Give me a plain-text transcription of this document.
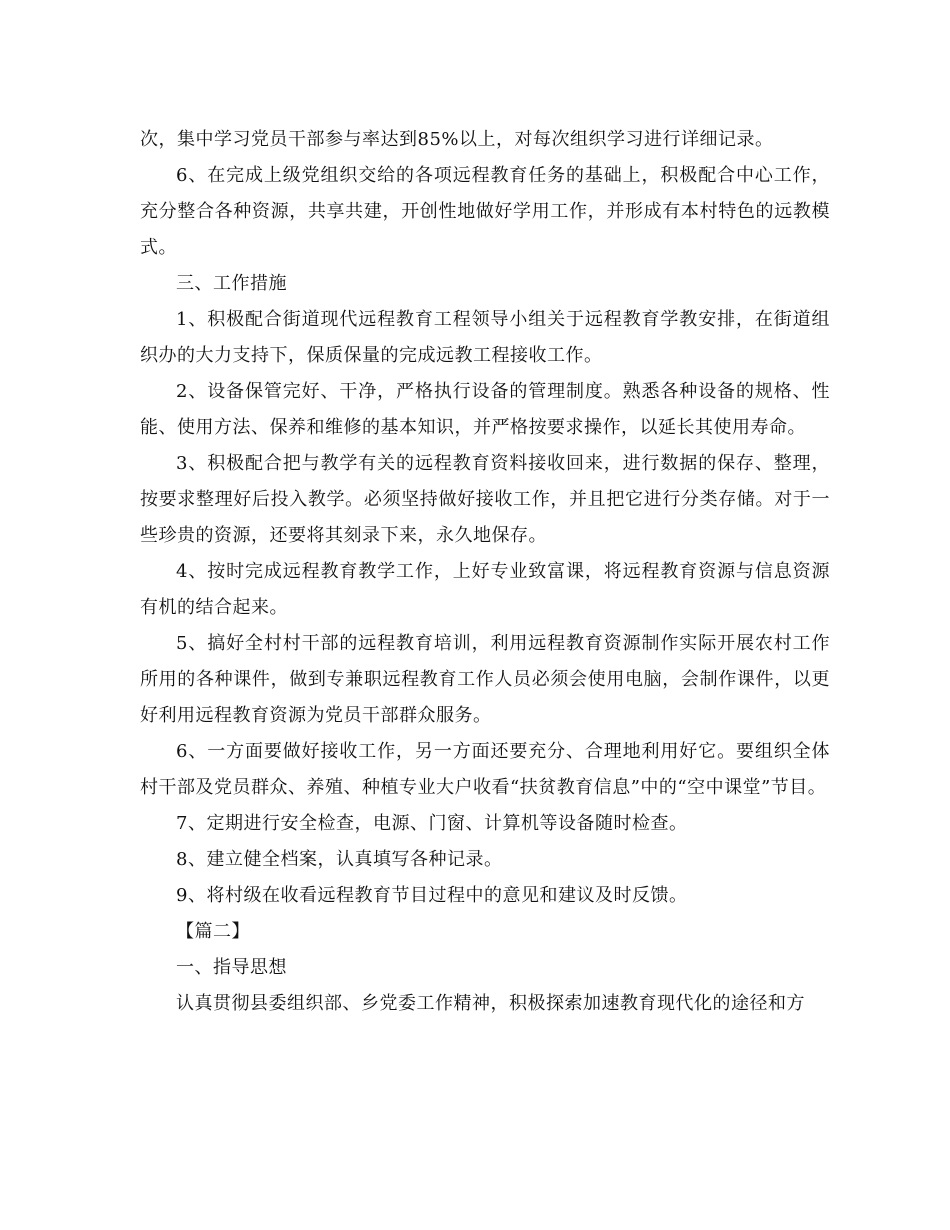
次，集中学习党员干部参与率达到85%以上，对每次组织学习进行详细记录。

6、在完成上级党组织交给的各项远程教育任务的基础上，积极配合中心工作，充分整合各种资源，共享共建，开创性地做好学用工作，并形成有本村特色的远教模式。

三、工作措施

1、积极配合街道现代远程教育工程领导小组关于远程教育学教安排，在街道组织办的大力支持下，保质保量的完成远教工程接收工作。

2、设备保管完好、干净，严格执行设备的管理制度。熟悉各种设备的规格、性能、使用方法、保养和维修的基本知识，并严格按要求操作，以延长其使用寿命。

3、积极配合把与教学有关的远程教育资料接收回来，进行数据的保存、整理，按要求整理好后投入教学。必须坚持做好接收工作，并且把它进行分类存储。对于一些珍贵的资源，还要将其刻录下来，永久地保存。

4、按时完成远程教育教学工作，上好专业致富课，将远程教育资源与信息资源有机的结合起来。

5、搞好全村村干部的远程教育培训，利用远程教育资源制作实际开展农村工作所用的各种课件，做到专兼职远程教育工作人员必须会使用电脑，会制作课件，以更好利用远程教育资源为党员干部群众服务。

6、一方面要做好接收工作，另一方面还要充分、合理地利用好它。要组织全体村干部及党员群众、养殖、种植专业大户收看“扶贫教育信息”中的“空中课堂”节目。

7、定期进行安全检查，电源、门窗、计算机等设备随时检查。

8、建立健全档案，认真填写各种记录。

9、将村级在收看远程教育节目过程中的意见和建议及时反馈。

【篇二】

一、指导思想

认真贯彻县委组织部、乡党委工作精神，积极探索加速教育现代化的途径和方
